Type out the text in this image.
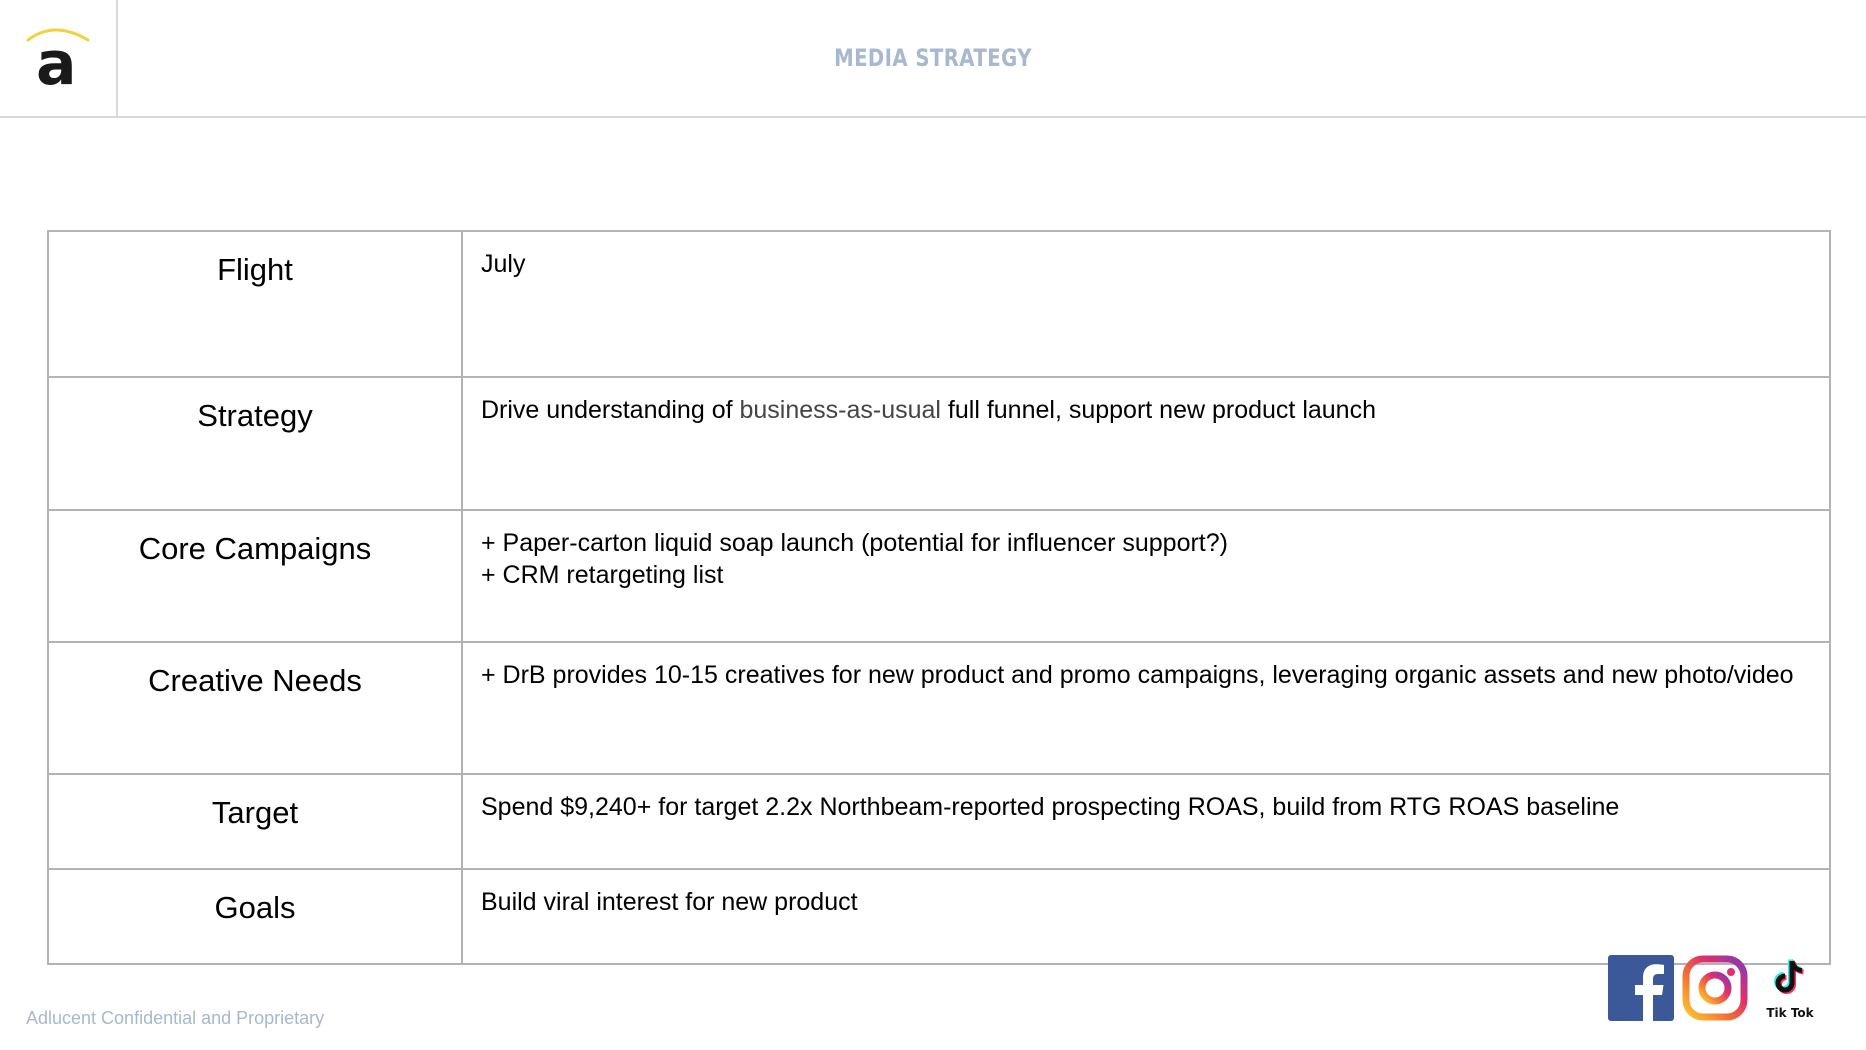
a	MEDIA STRATEGY
Flight	July

Strategy	Drive understanding of business-as-usual full funnel, support new product launch
Core Campaigns	+ Paper-carton liquid soap launch (potential for influencer support?)
+ CRM retargeting list

Creative Needs	+ DrB provides 10-15 creatives for new product and promo campaigns, leveraging organic assets and new photo/video

Target	Spend $9,240+ for target 2.2x Northbeam-reported prospecting ROAS, build from RTG ROAS baseline

Goals	Build viral interest for new product
Adlucent Confidential and Proprietary	Tik Tok
